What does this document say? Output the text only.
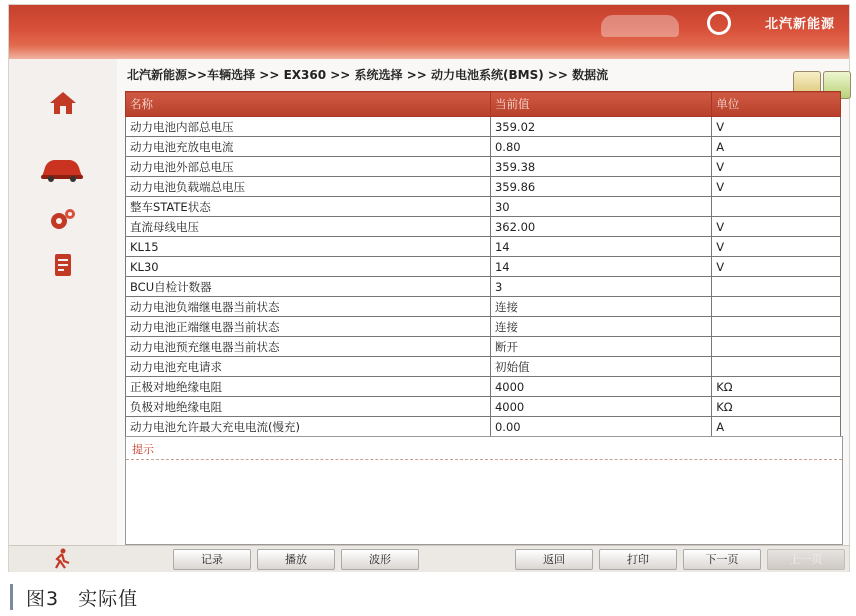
北汽新能源
北汽新能源>>车辆选择 >> EX360 >> 系统选择 >> 动力电池系统(BMS) >> 数据流
名称	当前值	单位
动力电池内部总电压	359.02	V
动力电池充放电电流	0.80	A
动力电池外部总电压	359.38	V
动力电池负载端总电压	359.86	V
整车STATE状态	30	
直流母线电压	362.00	V
KL15	14	V
KL30	14	V
BCU自检计数器	3	
动力电池负端继电器当前状态	连接	
动力电池正端继电器当前状态	连接	
动力电池预充继电器当前状态	断开	
动力电池充电请求	初始值	
正极对地绝缘电阻	4000	KΩ
负极对地绝缘电阻	4000	KΩ
动力电池允许最大充电电流(慢充)	0.00	A

提示
记录	播放	波形	返回	打印	下一页	上一页
图3 实际值
